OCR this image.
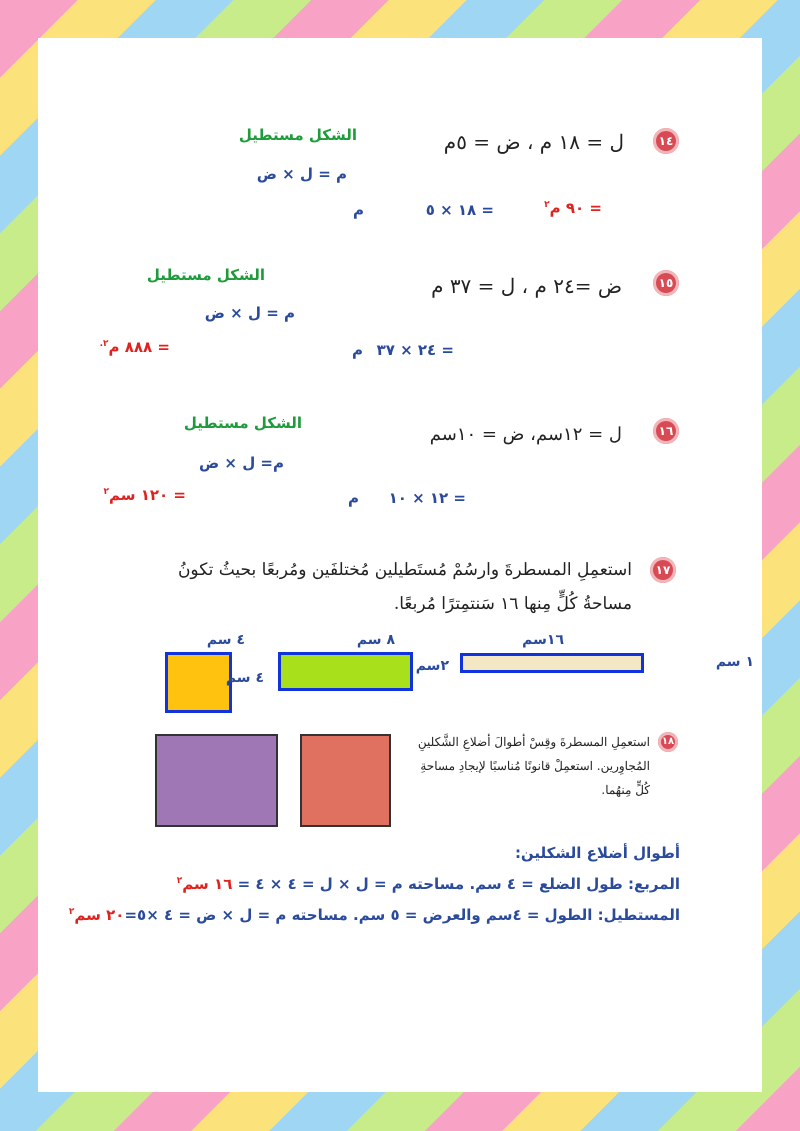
١٤
ل = ١٨ م ، ض = ٥م
الشكل مستطيل
م = ل × ض
م	= ١٨ × ٥	= ٩٠ م$^٢$
١٥
ض =٢٤ م ، ل = ٣٧ م
الشكل مستطيل
م = ل × ض
م = ٢٤ × ٣٧
= ٨٨٨ م$^{٢.}$
١٦
ل = ١٢سم، ض = ١٠سم
الشكل مستطيل
م= ل × ض
م = ١٢ × ١٠
= ١٢٠ سم$^٢$
١٧
استعمِلِ المسطرةَ وارسُمْ مُستَطيلين مُختلفَين ومُربعًا بحيثُ تكونُ
مساحةُ كُلٍّ مِنها ١٦ سَنتمِترًا مُربعًا.
٤ سم
٤ سم
٨ سم
٢سم
١٦سم
١ سم
١٨
استعمِلِ المسطرةَ وقِسْ أطوالَ أضلاعِ الشَّكلينِ
المُجاوِرين. استعمِلْ قانونًا مُناسبًا لإيجادِ مساحةِ
كُلٍّ مِنهُما.
أطوال أضلاع الشكلين:
المربع: طول الضلع = ٤ سم. مساحته م = ل × ل = ٤ × ٤ = ١٦ سم$^٢$
المستطيل: الطول = ٤سم والعرض = ٥ سم. مساحته م = ل × ض = ٤ ×٥=٢٠ سم$^٢$
